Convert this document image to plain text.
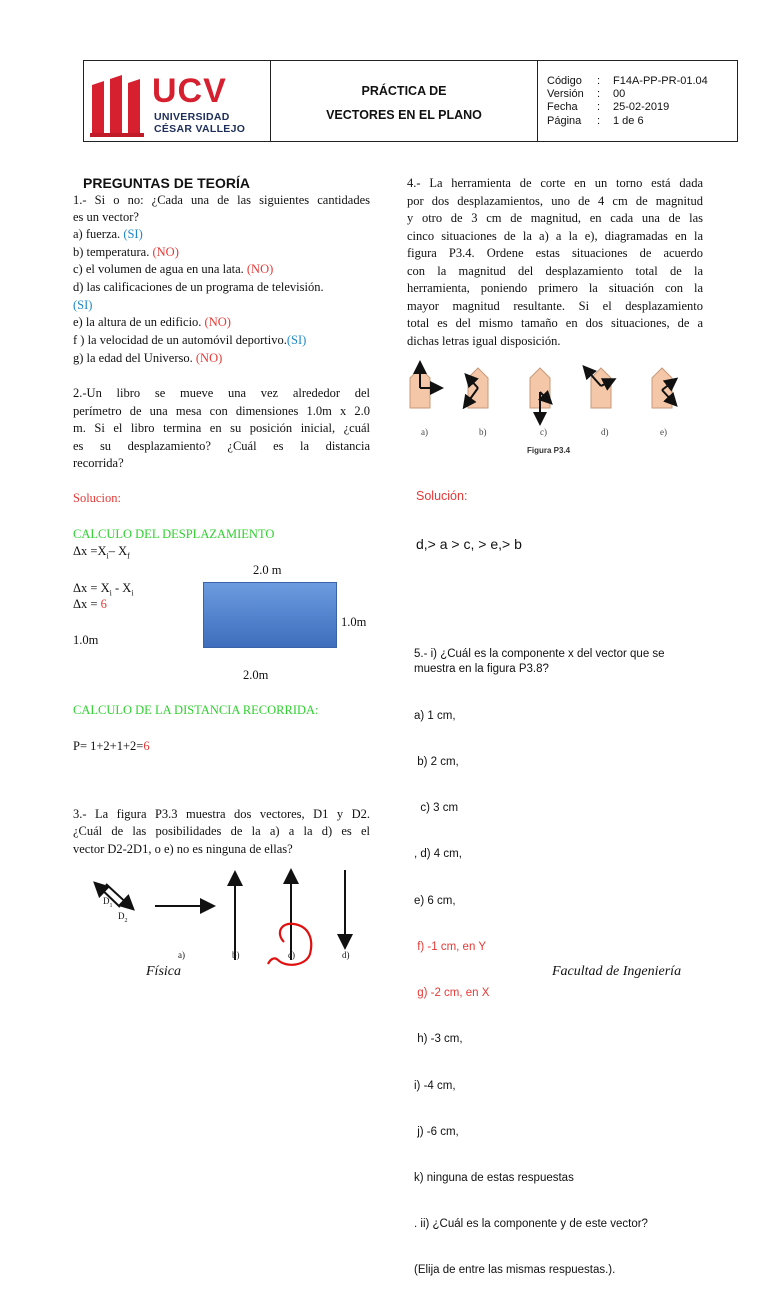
UCV
UNIVERSIDAD
CÉSAR VALLEJO
PRÁCTICA DE
VECTORES EN EL PLANO
Código : F14A-PP-PR-01.04
Versión : 00
Fecha : 25-02-2019
Página : 1 de 6
PREGUNTAS DE TEORÍA
1.- Si o no: ¿Cada una de las siguientes cantidades
es un vector?
a) fuerza. (SI)
b) temperatura. (NO)
c) el volumen de agua en una lata. (NO)
d) las calificaciones de un programa de televisión.
(SI)
e) la altura de un edificio. (NO)
f ) la velocidad de un automóvil deportivo.(SI)
g) la edad del Universo. (NO)
2.-Un libro se mueve una vez alrededor del
perímetro de una mesa con dimensiones 1.0m x 2.0
m. Si el libro termina en su posición inicial, ¿cuál
es su desplazamiento? ¿Cuál es la distancia
recorrida?
Solucion:
CALCULO DEL DESPLAZAMIENTO
$\Delta x =X_i-$ $X_f$
$\Delta x = X_i - X_i$
Δx = 6
2.0 m
1.0m
1.0m
2.0m
CALCULO DE LA DISTANCIA RECORRIDA:
P= 1+2+1+2=6
3.- La figura P3.3 muestra dos vectores, D1 y D2.
¿Cuál de las posibilidades de la a) a la d) es el
vector D2-2D1, o e) no es ninguna de ellas?
$D_1$
$D_2$
a)	b)	c)	d)
Física
4.- La herramienta de corte en un torno está dada
por dos desplazamientos, uno de 4 cm de magnitud
y otro de 3 cm de magnitud, en cada una de las
cinco situaciones de la a) a la e), diagramadas en la
figura P3.4. Ordene estas situaciones de acuerdo
con la magnitud del desplazamiento total de la
herramienta, poniendo primero la situación con la
mayor magnitud resultante. Si el desplazamiento
total es del mismo tamaño en dos situaciones, de a
dichas letras igual disposición.
a)	b)	c)	d)	e)
Figura P3.4
Solución:
d,> a > c, > e,> b
5.- i) ¿Cuál es la componente x del vector que se
muestra en la figura P3.8?

a) 1 cm,

b) 2 cm,

c) 3 cm

, d) 4 cm,

e) 6 cm,

f) -1 cm, en Y

g) -2 cm, en X

h) -3 cm,

i) -4 cm,

j) -6 cm,

k) ninguna de estas respuestas

. ii) ¿Cuál es la componente y de este vector?

(Elija de entre las mismas respuestas.).

Facultad de Ingeniería
